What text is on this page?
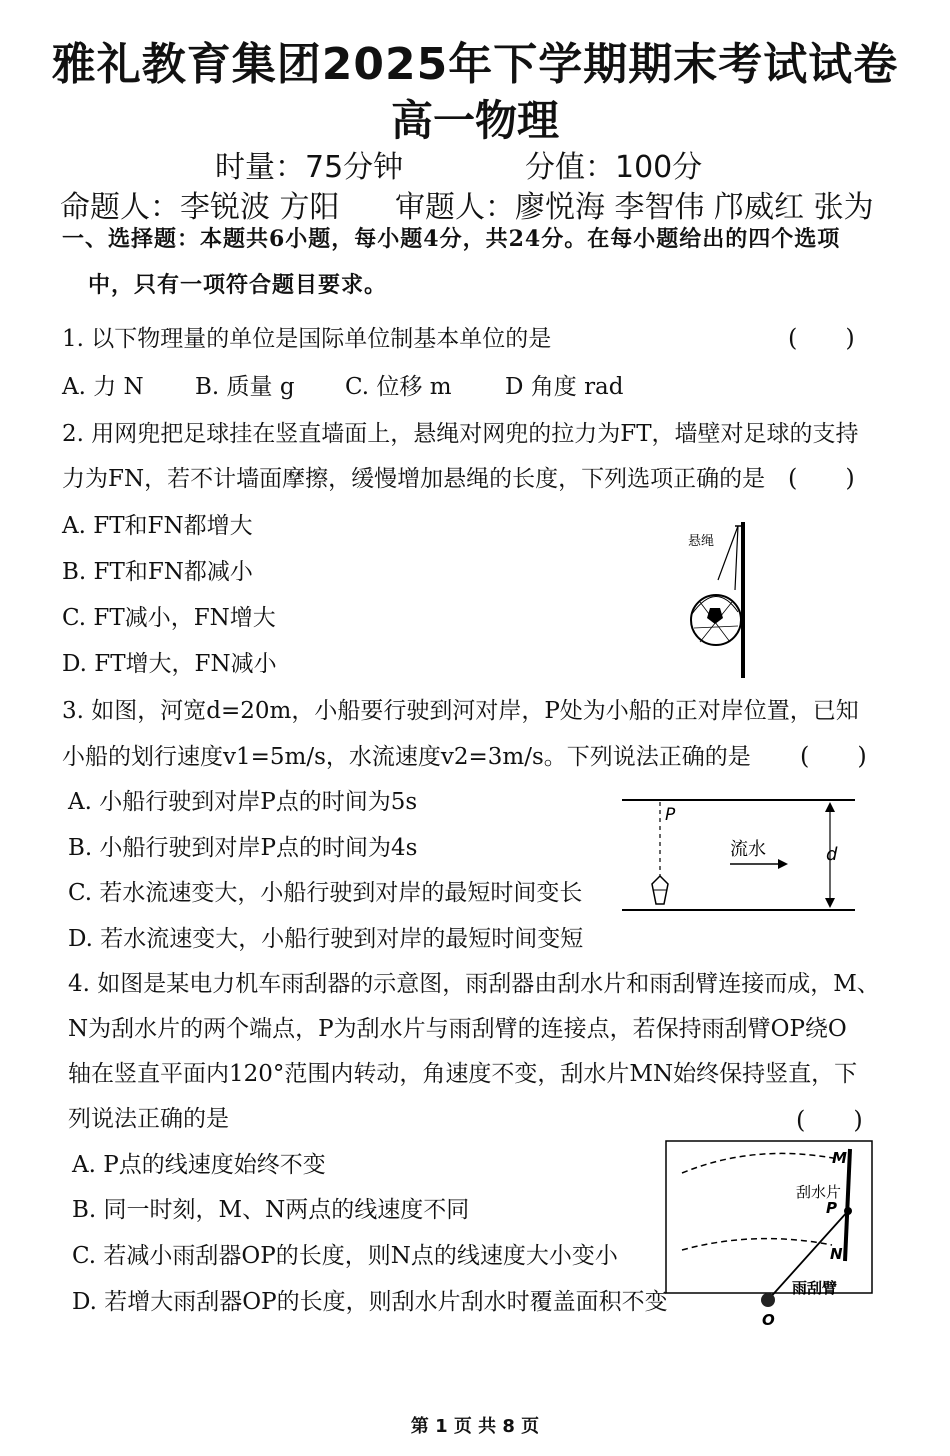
雅礼教育集团2025年下学期期末考试试卷
高一物理
时量：75分钟	分值：100分
命题人：李锐波 方阳 审题人：廖悦海 李智伟 邝威红 张为
一、选择题：本题共6小题，每小题4分，共24分。在每小题给出的四个选项
中，只有一项符合题目要求。
1. 以下物理量的单位是国际单位制基本单位的是	(　　)
A. 力 N B. 质量 g C. 位移 m D 角度 rad
2. 用网兜把足球挂在竖直墙面上，悬绳对网兜的拉力为FT，墙壁对足球的支持
力为FN，若不计墙面摩擦，缓慢增加悬绳的长度，下列选项正确的是 (　　)
A. FT和FN都增大
B. FT和FN都减小
C. FT减小，FN增大
D. FT增大，FN减小
悬绳
3. 如图，河宽d=20m，小船要行驶到河对岸，P处为小船的正对岸位置，已知
小船的划行速度v1=5m/s，水流速度v2=3m/s。下列说法正确的是 (　　)
A. 小船行驶到对岸P点的时间为5s
B. 小船行驶到对岸P点的时间为4s
C. 若水流速变大，小船行驶到对岸的最短时间变长
D. 若水流速变大，小船行驶到对岸的最短时间变短
P
流水	d
4. 如图是某电力机车雨刮器的示意图，雨刮器由刮水片和雨刮臂连接而成，M、
N为刮水片的两个端点，P为刮水片与雨刮臂的连接点，若保持雨刮臂OP绕O
轴在竖直平面内120°范围内转动，角速度不变，刮水片MN始终保持竖直，下
列说法正确的是	(　　)
A. P点的线速度始终不变
B. 同一时刻，M、N两点的线速度不同
C. 若减小雨刮器OP的长度，则N点的线速度大小变小
D. 若增大雨刮器OP的长度，则刮水片刮水时覆盖面积不变
M
N
P
O
刮水片
雨刮臂
第 1 页 共 8 页
